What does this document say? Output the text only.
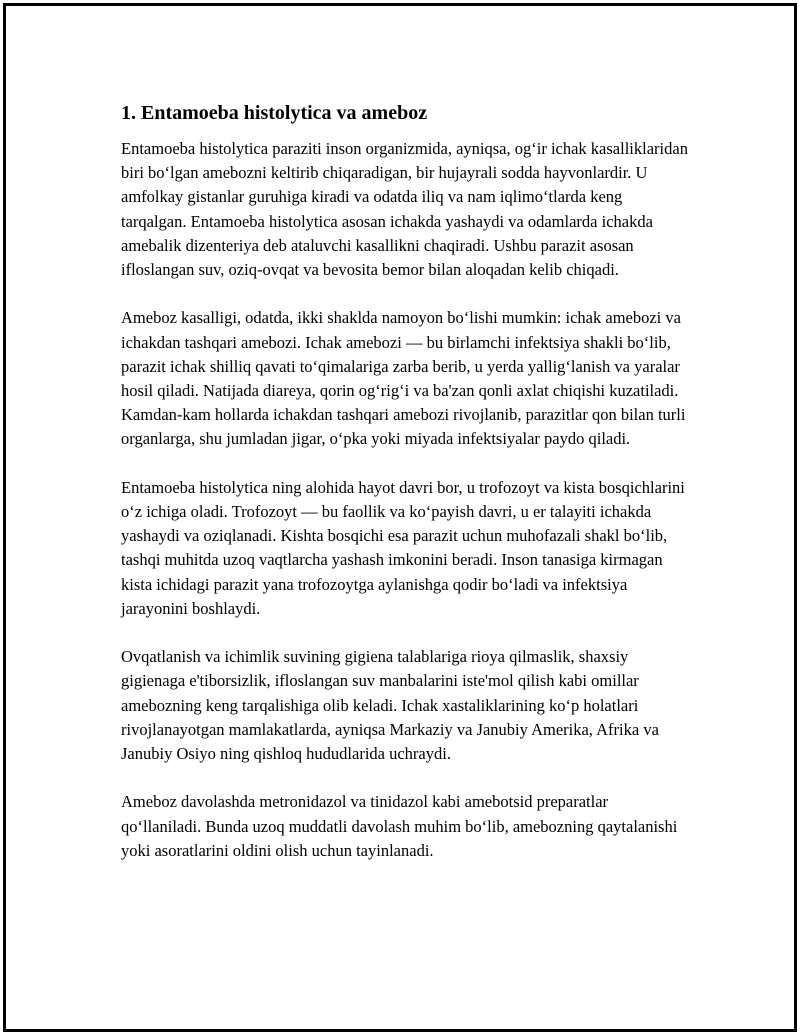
1. Entamoeba histolytica va ameboz

Entamoeba histolytica paraziti inson organizmida, ayniqsa, og‘ir ichak kasalliklaridan biri bo‘lgan amebozni keltirib chiqaradigan, bir hujayrali sodda hayvonlardir. U amfolkay gistanlar guruhiga kiradi va odatda iliq va nam iqlimo‘tlarda keng tarqalgan. Entamoeba histolytica asosan ichakda yashaydi va odamlarda ichakda amebalik dizenteriya deb ataluvchi kasallikni chaqiradi. Ushbu parazit asosan ifloslangan suv, oziq-ovqat va bevosita bemor bilan aloqadan kelib chiqadi.

Ameboz kasalligi, odatda, ikki shaklda namoyon bo‘lishi mumkin: ichak amebozi va ichakdan tashqari amebozi. Ichak amebozi — bu birlamchi infektsiya shakli bo‘lib, parazit ichak shilliq qavati to‘qimalariga zarba berib, u yerda yallig‘lanish va yaralar hosil qiladi. Natijada diareya, qorin og‘rig‘i va ba'zan qonli axlat chiqishi kuzatiladi. Kamdan-kam hollarda ichakdan tashqari amebozi rivojlanib, parazitlar qon bilan turli organlarga, shu jumladan jigar, o‘pka yoki miyada infektsiyalar paydo qiladi.

Entamoeba histolytica ning alohida hayot davri bor, u trofozoyt va kista bosqichlarini o‘z ichiga oladi. Trofozoyt — bu faollik va ko‘payish davri, u er talayiti ichakda yashaydi va oziqlanadi. Kishta bosqichi esa parazit uchun muhofazali shakl bo‘lib, tashqi muhitda uzoq vaqtlarcha yashash imkonini beradi. Inson tanasiga kirmagan kista ichidagi parazit yana trofozoytga aylanishga qodir bo‘ladi va infektsiya jarayonini boshlaydi.

Ovqatlanish va ichimlik suvining gigiena talablariga rioya qilmaslik, shaxsiy gigienaga e'tiborsizlik, ifloslangan suv manbalarini iste'mol qilish kabi omillar amebozning keng tarqalishiga olib keladi. Ichak xastaliklarining ko‘p holatlari rivojlanayotgan mamlakatlarda, ayniqsa Markaziy va Janubiy Amerika, Afrika va Janubiy Osiyo ning qishloq hududlarida uchraydi.

Ameboz davolashda metronidazol va tinidazol kabi amebotsid preparatlar qo‘llaniladi. Bunda uzoq muddatli davolash muhim bo‘lib, amebozning qaytalanishi yoki asoratlarini oldini olish uchun tayinlanadi.
